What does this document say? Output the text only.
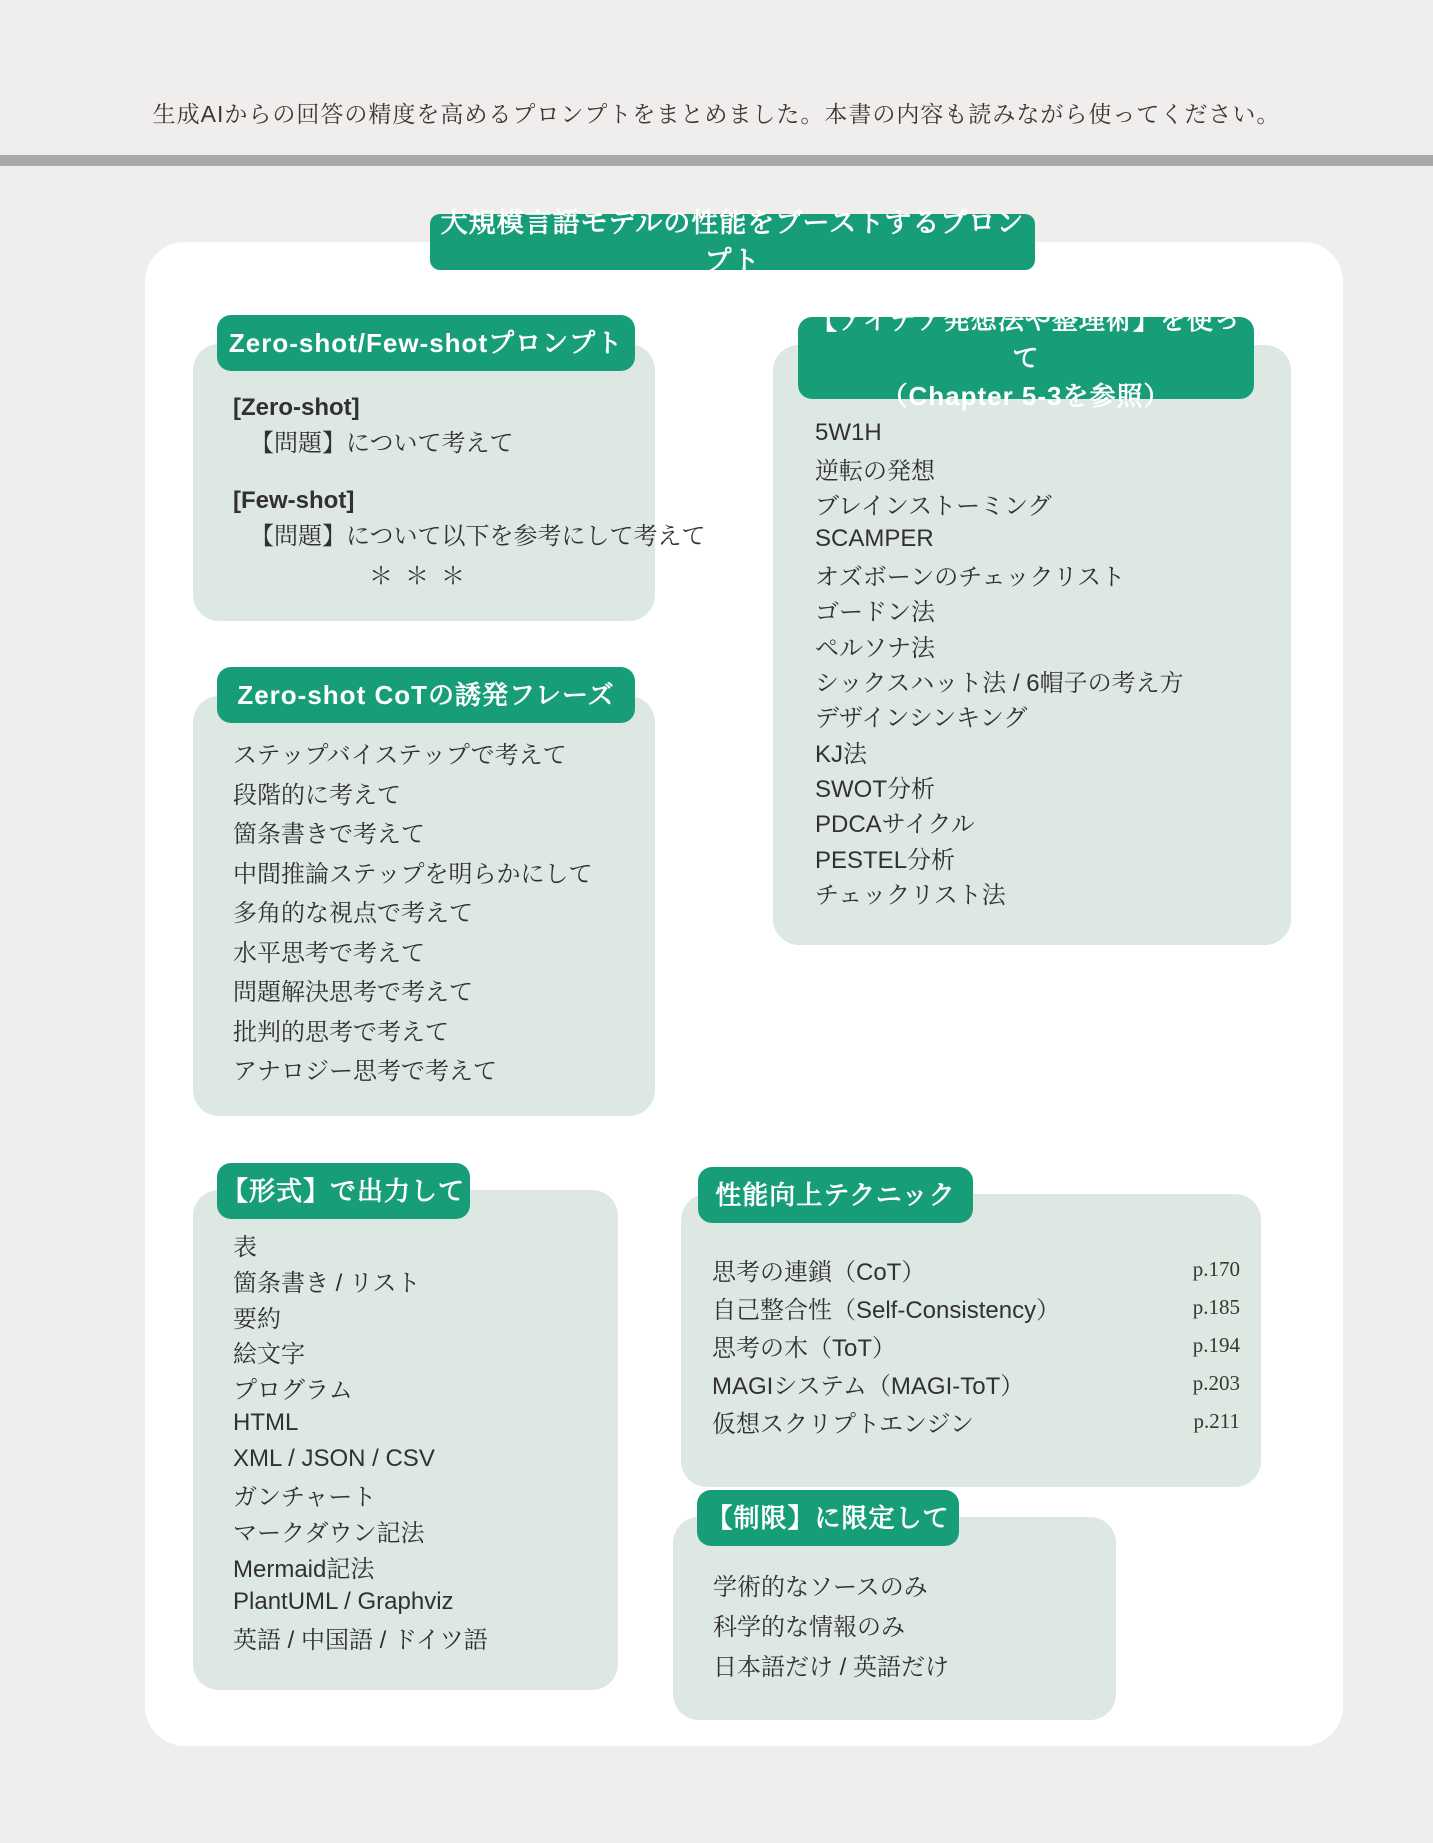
生成AIからの回答の精度を高めるプロンプトをまとめました。本書の内容も読みながら使ってください。
大規模言語モデルの性能をブーストするプロンプト
Zero-shot/Few-shotプロンプト
[Zero-shot]
【問題】について考えて
[Few-shot]
【問題】について以下を参考にして考えて
＊＊＊
Zero-shot CoTの誘発フレーズ
ステップバイステップで考えて
段階的に考えて
箇条書きで考えて
中間推論ステップを明らかにして
多角的な視点で考えて
水平思考で考えて
問題解決思考で考えて
批判的思考で考えて
アナロジー思考で考えて
【アイデア発想法や整理術】を使って
（Chapter 5-3を参照）
5W1H
逆転の発想
ブレインストーミング
SCAMPER
オズボーンのチェックリスト
ゴードン法
ペルソナ法
シックスハット法 / 6帽子の考え方
デザインシンキング
KJ法
SWOT分析
PDCAサイクル
PESTEL分析
チェックリスト法
【形式】で出力して
表
箇条書き / リスト
要約
絵文字
プログラム
HTML
XML / JSON / CSV
ガンチャート
マークダウン記法
Mermaid記法
PlantUML / Graphviz
英語 / 中国語 / ドイツ語
性能向上テクニック
思考の連鎖（CoT）	p.170
自己整合性（Self-Consistency）	p.185
思考の木（ToT）	p.194
MAGIシステム（MAGI-ToT）	p.203
仮想スクリプトエンジン	p.211
【制限】に限定して
学術的なソースのみ
科学的な情報のみ
日本語だけ / 英語だけ
